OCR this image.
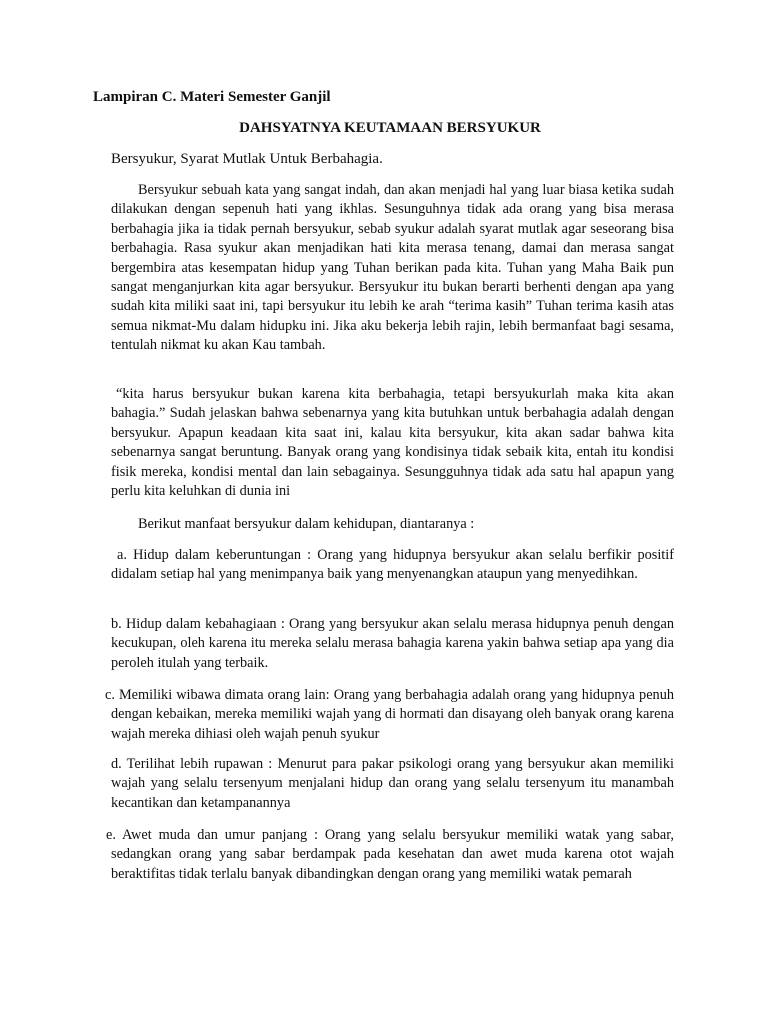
Lampiran C. Materi Semester Ganjil
DAHSYATNYA KEUTAMAAN BERSYUKUR
Bersyukur, Syarat Mutlak Untuk Berbahagia.
Bersyukur sebuah kata yang sangat indah, dan akan menjadi hal yang luar biasa ketika sudah dilakukan dengan sepenuh hati yang ikhlas. Sesunguhnya tidak ada orang yang bisa merasa berbahagia jika ia tidak pernah bersyukur, sebab syukur adalah syarat mutlak agar seseorang bisa berbahagia. Rasa syukur akan menjadikan hati kita merasa tenang, damai dan merasa sangat bergembira atas kesempatan hidup yang Tuhan berikan pada kita. Tuhan yang Maha Baik pun sangat menganjurkan kita agar bersyukur. Bersyukur itu bukan berarti berhenti dengan apa yang sudah kita miliki saat ini, tapi bersyukur itu lebih ke arah “terima kasih” Tuhan terima kasih atas semua nikmat-Mu dalam hidupku ini. Jika aku bekerja lebih rajin, lebih bermanfaat bagi sesama, tentulah nikmat ku akan Kau tambah.
“kita harus bersyukur bukan karena kita berbahagia, tetapi bersyukurlah maka kita akan bahagia.” Sudah jelaskan bahwa sebenarnya yang kita butuhkan untuk berbahagia adalah dengan bersyukur. Apapun keadaan kita saat ini, kalau kita bersyukur, kita akan sadar bahwa kita sebenarnya sangat beruntung. Banyak orang yang kondisinya tidak sebaik kita, entah itu kondisi fisik mereka, kondisi mental dan lain sebagainya. Sesungguhnya tidak ada satu hal apapun yang perlu kita keluhkan di dunia ini
Berikut manfaat bersyukur dalam kehidupan, diantaranya :
a. Hidup dalam keberuntungan : Orang yang hidupnya bersyukur akan selalu berfikir positif didalam setiap hal yang menimpanya baik yang menyenangkan ataupun yang menyedihkan.
b. Hidup dalam kebahagiaan : Orang yang bersyukur akan selalu merasa hidupnya penuh dengan kecukupan, oleh karena itu mereka selalu merasa bahagia karena yakin bahwa setiap apa yang dia peroleh itulah yang terbaik.
c. Memiliki wibawa dimata orang lain: Orang yang berbahagia adalah orang yang hidupnya penuh dengan kebaikan, mereka memiliki wajah yang di hormati dan disayang oleh banyak orang karena wajah mereka dihiasi oleh wajah penuh syukur
d. Terilihat lebih rupawan : Menurut para pakar psikologi orang yang bersyukur akan memiliki wajah yang selalu tersenyum menjalani hidup dan orang yang selalu tersenyum itu manambah kecantikan dan ketampanannya
e. Awet muda dan umur panjang : Orang yang selalu bersyukur memiliki watak yang sabar, sedangkan orang yang sabar berdampak pada kesehatan dan awet muda karena otot wajah beraktifitas tidak terlalu banyak dibandingkan dengan orang yang memiliki watak pemarah
